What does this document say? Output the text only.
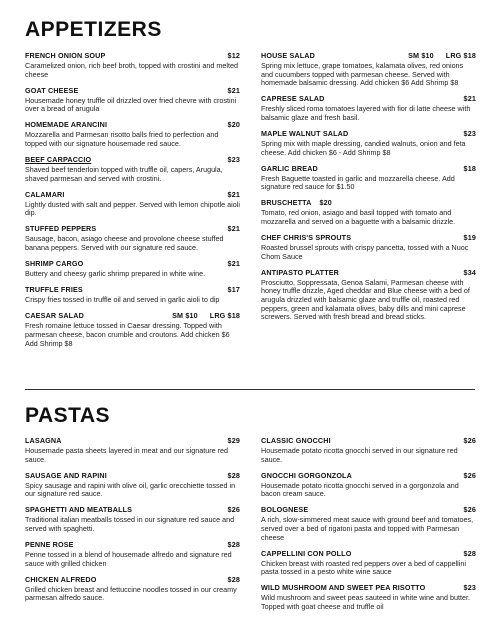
APPETIZERS
FRENCH ONION SOUP	$12
Caramelized onion, rich beef broth, topped with crostini and melted cheese
GOAT CHEESE	$21
Housemade honey truffle oil drizzled over fried chevre with crostini over a bread of arugula
HOMEMADE ARANCINI	$20
Mozzarella and Parmesan risotto balls fried to perfection and topped with our signature housemade red sauce.
BEEF CARPACCIO	$23
Shaved beef tenderloin topped with truffle oil, capers, Arugula, shaved parmesan and served with crostini.
CALAMARI	$21
Lightly dusted with salt and pepper. Served with lemon chipotle aioli dip.
STUFFED PEPPERS	$21
Sausage, bacon, asiago cheese and provolone cheese stuffed banana peppers. Served with our signature red sauce.
SHRIMP CARGO	$21
Buttery and cheesy garlic shrimp prepared in white wine.
TRUFFLE FRIES	$17
Crispy fries tossed in truffle oil and served in garlic aioli to dip
CAESAR SALAD	SM $10 LRG $18
Fresh romaine lettuce tossed in Caesar dressing. Topped with parmesan cheese, bacon crumble and croutons. Add chicken $6 Add Shrimp $8
HOUSE SALAD	SM $10 LRG $18
Spring mix lettuce, grape tomatoes, kalamata olives, red onions and cucumbers topped with parmesan cheese. Served with homemade balsamic dressing. Add chicken $6 Add Shrimp $8
CAPRESE SALAD	$21
Freshly sliced roma tomatoes layered with fior di latte cheese with balsamic glaze and fresh basil.
MAPLE WALNUT SALAD	$23
Spring mix with maple dressing, candied walnuts, onion and feta cheese. Add chicken $6 - Add Shrimp $8
GARLIC BREAD	$18
Fresh Baguette toasted in garlic and mozzarella cheese. Add signature red sauce for $1.50
BRUSCHETTA $20
Tomato, red onion, asiago and basil topped with tomato and mozzarella and served on a baguette with a balsamic drizzle.
CHEF CHRIS'S SPROUTS	$19
Roasted brussel sprouts with crispy pancetta, tossed with a Nuoc Chom Sauce
ANTIPASTO PLATTER	$34
Prosciutto, Soppressata, Genoa Salami, Parmesan cheese with honey truffle drizzle, Aged cheddar and Blue cheese with a bed of arugula drizzled with balsamic glaze and truffle oil, roasted red peppers, green and kalamata olives, baby dills and mini caprese screwers. Served with fresh bread and bread sticks.
PASTAS
LASAGNA	$29
Housemade pasta sheets layered in meat and our signature red sauce.
SAUSAGE AND RAPINI	$28
Spicy sausage and rapini with olive oil, garlic orecchiette tossed in our signature red sauce.
SPAGHETTI AND MEATBALLS	$26
Traditional italian meatballs tossed in our signature red sauce and served with spaghetti.
PENNE ROSE	$28
Penne tossed in a blend of housemade alfredo and signature red sauce with grilled chicken
CHICKEN ALFREDO	$28
Grilled chicken breast and fettuccine noodles tossed in our creamy parmesan alfredo sauce.
CLASSIC GNOCCHI	$26
Housemade potato ricotta gnocchi served in our signature red sauce.
GNOCCHI GORGONZOLA	$26
Housemade potato ricotta gnocchi served in a gorgonzola and bacon cream sauce.
BOLOGNESE	$26
A rich, slow-simmered meat sauce with ground beef and tomatoes, served over a bed of rigatoni pasta and topped with Parmesan cheese
CAPPELLINI CON POLLO	$28
Chicken breast with roasted red peppers over a bed of cappellini pasta tossed in a pesto white wine sauce
WILD MUSHROOM AND SWEET PEA RISOTTO	$23
Wild mushroom and sweet peas sauteed in white wine and butter. Topped with goat cheese and truffle oil
